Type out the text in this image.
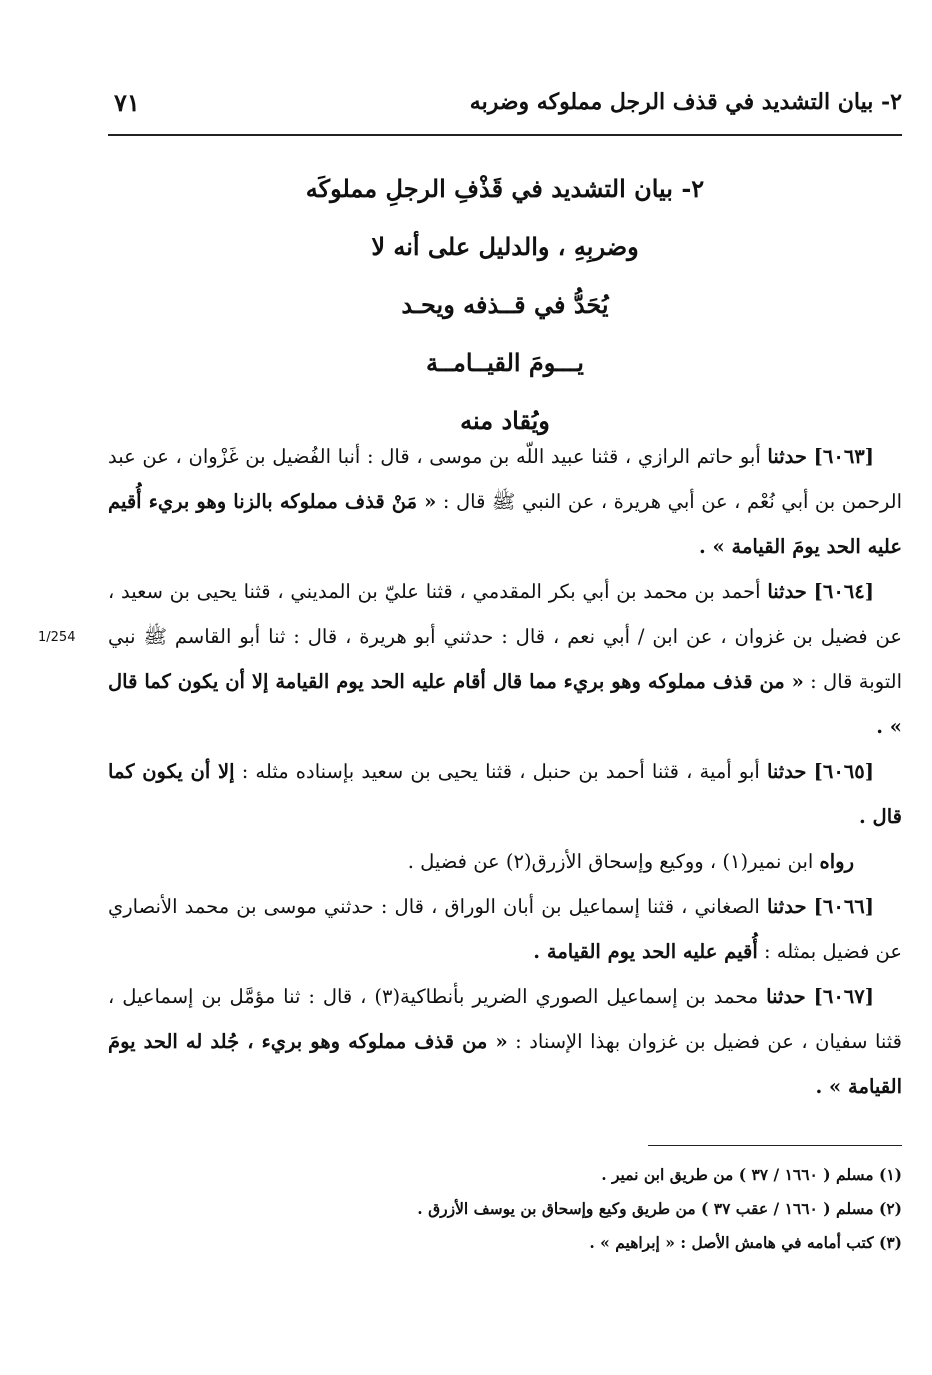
٢- بيان التشديد في قذف الرجل مملوكه وضربه
٧١
٢- بيان التشديد في قَذْفِ الرجلِ مملوكَه
وضربِهِ ، والدليل على أنه لا
يُحَدُّ في قــذفه ويحـد
يـــومَ القيــامــة
ويُقاد منه
1/254

[٦٠٦٣] حدثنا أبو حاتم الرازي ، قثنا عبيد اللّه بن موسى ، قال : أنبا الفُضيل بن غَزْوان ، عن عبد الرحمن بن أبي نُعْم ، عن أبي هريرة ، عن النبي ﷺ قال : « مَنْ قذف مملوكه بالزنا وهو بريء أُقيم عليه الحد يومَ القيامة » .

[٦٠٦٤] حدثنا أحمد بن محمد بن أبي بكر المقدمي ، قثنا عليّ بن المديني ، قثنا يحيى بن سعيد ، عن فضيل بن غزوان ، عن ابن / أبي نعم ، قال : حدثني أبو هريرة ، قال : ثنا أبو القاسم ﷺ نبي التوبة قال : « من قذف مملوكه وهو بريء مما قال أقام عليه الحد يوم القيامة إلا أن يكون كما قال » .

[٦٠٦٥] حدثنا أبو أمية ، قثنا أحمد بن حنبل ، قثنا يحيى بن سعيد بإسناده مثله : إلا أن يكون كما قال .

رواه ابن نمير(١) ، ووكيع وإسحاق الأزرق(٢) عن فضيل .

[٦٠٦٦] حدثنا الصغاني ، قثنا إسماعيل بن أبان الوراق ، قال : حدثني موسى بن محمد الأنصاري عن فضيل بمثله : أُقيم عليه الحد يوم القيامة .

[٦٠٦٧] حدثنا محمد بن إسماعيل الصوري الضرير بأنطاكية(٣) ، قال : ثنا مؤمَّل بن إسماعيل ، قثنا سفيان ، عن فضيل بن غزوان بهذا الإسناد : « من قذف مملوكه وهو بريء ، جُلد له الحد يومَ القيامة » .

(١) مسلم ( ١٦٦٠ / ٣٧ ) من طريق ابن نمير .
(٢) مسلم ( ١٦٦٠ / عقب ٣٧ ) من طريق وكيع وإسحاق بن يوسف الأزرق .
(٣) كتب أمامه في هامش الأصل : « إبراهيم » .
